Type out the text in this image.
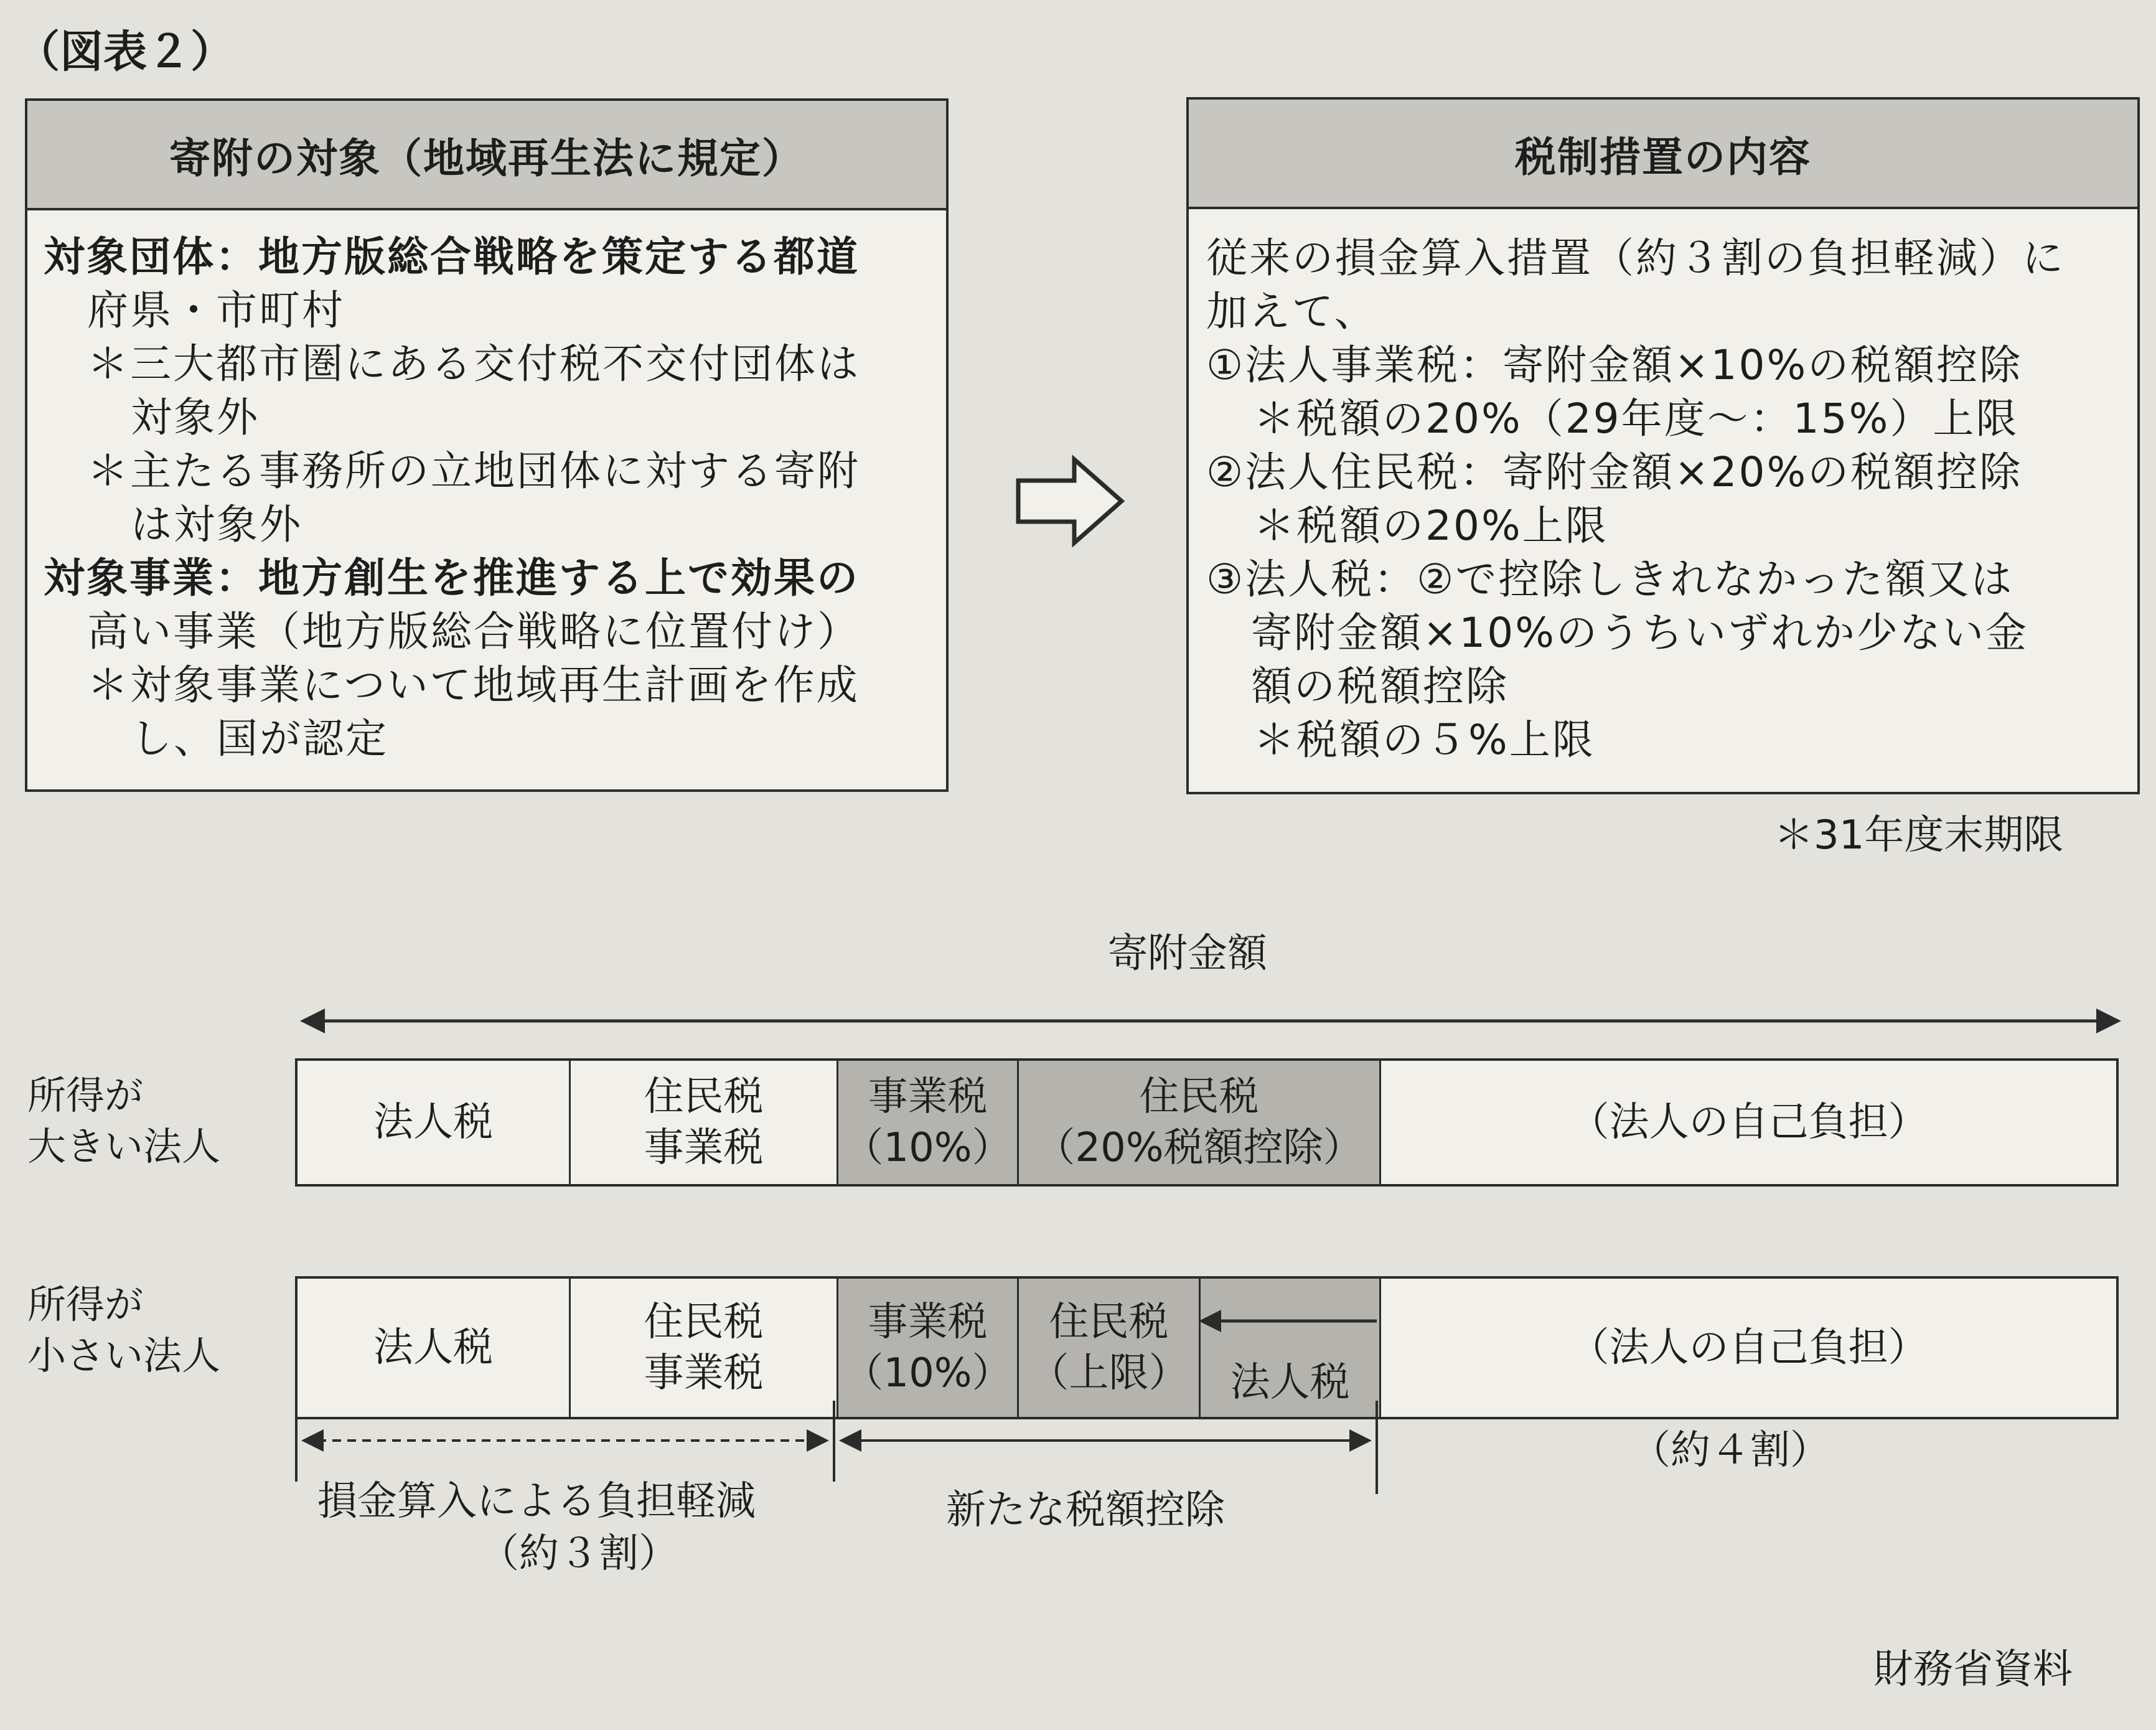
（図表２）
寄附の対象（地域再生法に規定）
対象団体：地方版総合戦略を策定する都道
府県・市町村
＊三大都市圏にある交付税不交付団体は
対象外
＊主たる事務所の立地団体に対する寄附
は対象外
対象事業：地方創生を推進する上で効果の
高い事業（地方版総合戦略に位置付け）
＊対象事業について地域再生計画を作成
し、国が認定
税制措置の内容
従来の損金算入措置（約３割の負担軽減）に
加えて、
①法人事業税：寄附金額×10%の税額控除
＊税額の20%（29年度～：15%）上限
②法人住民税：寄附金額×20%の税額控除
＊税額の20%上限
③法人税：②で控除しきれなかった額又は
寄附金額×10%のうちいずれか少ない金
額の税額控除
＊税額の５%上限
＊31年度末期限
寄附金額
所得が
大きい法人
法人税
住民税
事業税
事業税
（10%）
住民税
（20%税額控除）
（法人の自己負担）
所得が
小さい法人	法人税
住民税
事業税
事業税
（10%）
住民税
（上限） 法人税
（法人の自己負担）
損金算入による負担軽減
（約３割）
新たな税額控除
（約４割）
財務省資料
